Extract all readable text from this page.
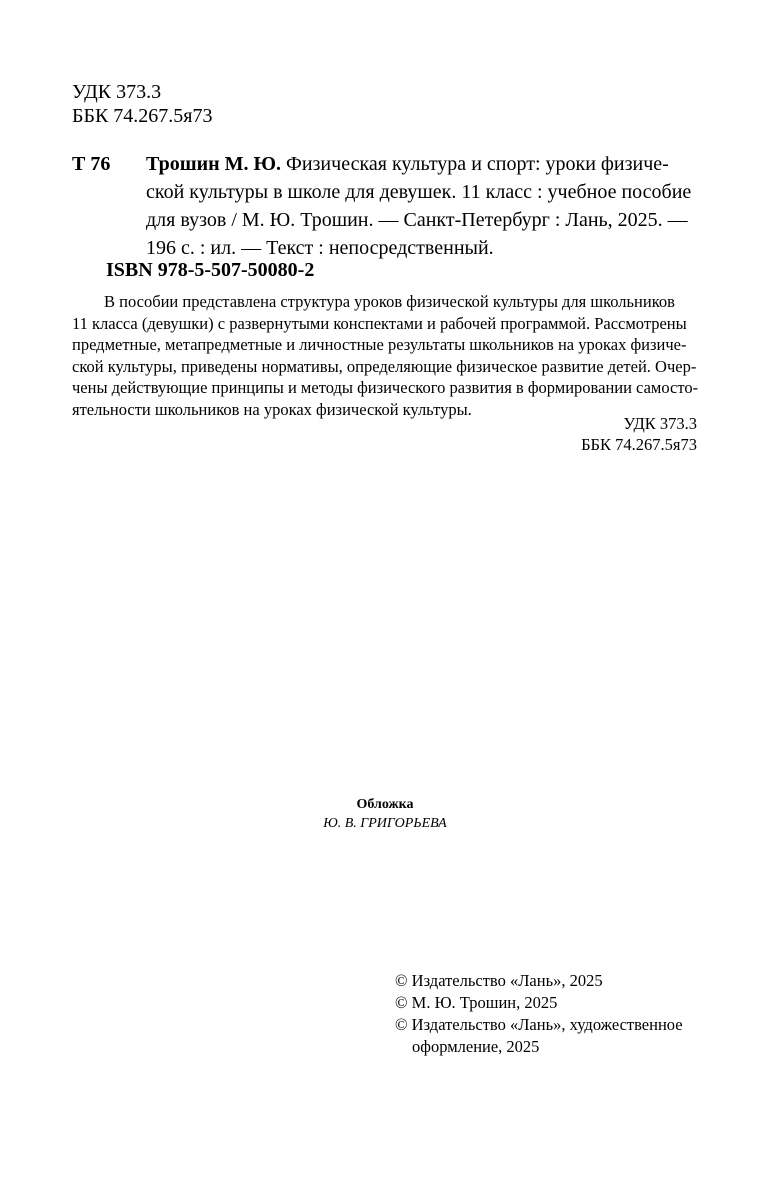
УДК 373.3
ББК 74.267.5я73
Т 76 Трошин М. Ю. Физическая культура и спорт: уроки физиче-
ской культуры в школе для девушек. 11 класс : учебное пособие
для вузов / М. Ю. Трошин. — Санкт-Петербург : Лань, 2025. —
196 с. : ил. — Текст : непосредственный.
ISBN 978-5-507-50080-2
В пособии представлена структура уроков физической культуры для школьников
11 класса (девушки) с развернутыми конспектами и рабочей программой. Рассмотрены
предметные, метапредметные и личностные результаты школьников на уроках физиче-
ской культуры, приведены нормативы, определяющие физическое развитие детей. Очер-
чены действующие принципы и методы физического развития в формировании самосто-
ятельности школьников на уроках физической культуры.
УДК 373.3
ББК 74.267.5я73
Обложка
Ю. В. ГРИГОРЬЕВА
© Издательство «Лань», 2025
© М. Ю. Трошин, 2025
© Издательство «Лань», художественное
оформление, 2025
